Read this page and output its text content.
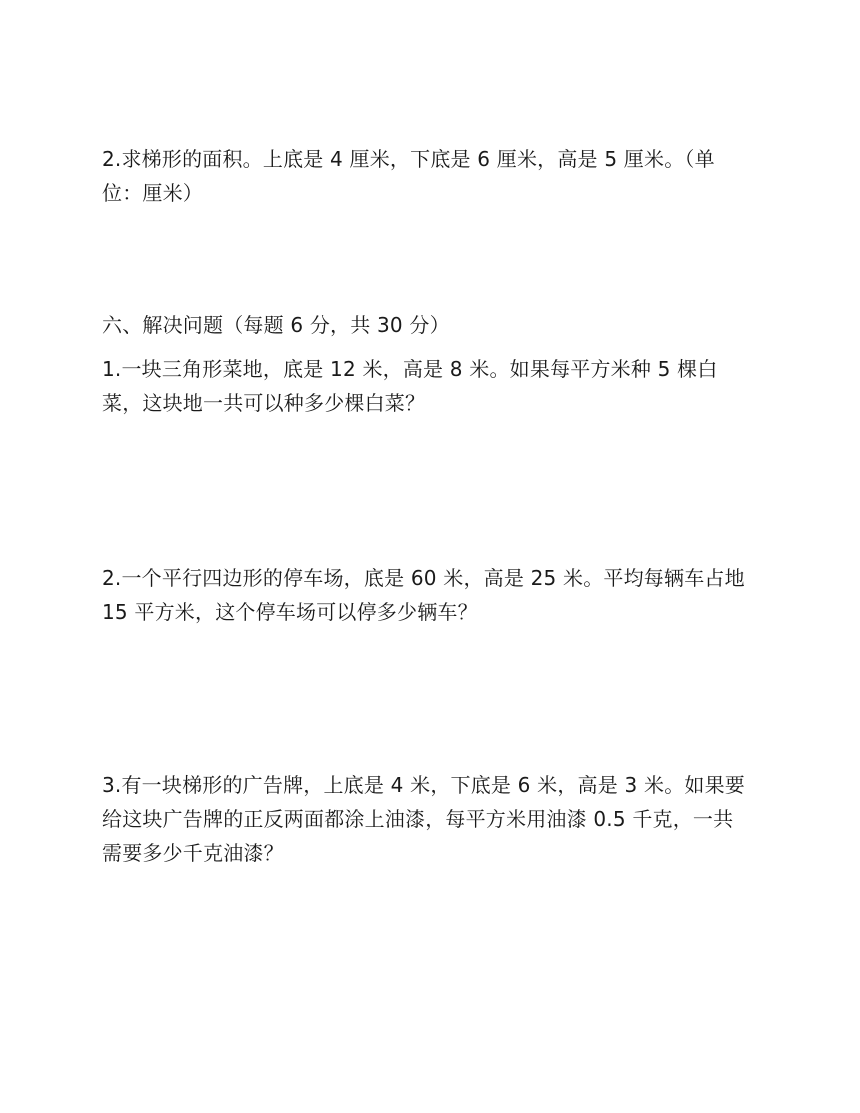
2.求梯形的面积。上底是 4 厘米，下底是 6 厘米，高是 5 厘米。（单
位：厘米）

六、解决问题（每题 6 分，共 30 分）

1.一块三角形菜地，底是 12 米，高是 8 米。如果每平方米种 5 棵白
菜，这块地一共可以种多少棵白菜？

2.一个平行四边形的停车场，底是 60 米，高是 25 米。平均每辆车占地
15 平方米，这个停车场可以停多少辆车？

3.有一块梯形的广告牌，上底是 4 米，下底是 6 米，高是 3 米。如果要
给这块广告牌的正反两面都涂上油漆，每平方米用油漆 0.5 千克，一共
需要多少千克油漆？
